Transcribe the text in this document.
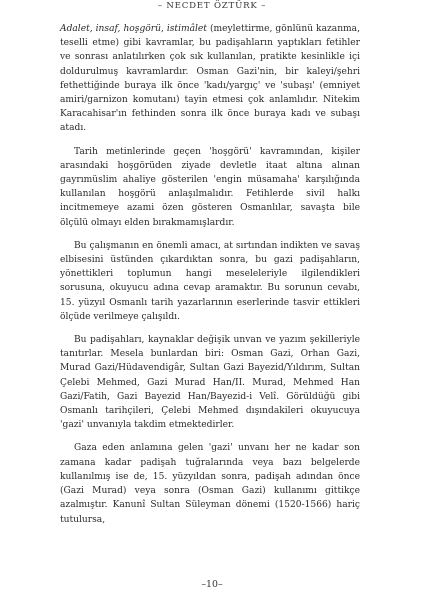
– NECDET ÖZTÜRK –

Adalet, insaf, hoşgörü, istimâlet (meylettirme, gönlünü kazanma, teselli etme) gibi kavramlar, bu padişahların yaptıkları fetihler ve sonrası anlatılırken çok sık kullanılan, pratikte kesinlikle içi doldurulmuş kavramlardır. Osman Gazi'nin, bir kaleyi/şehri fethettiğinde buraya ilk önce 'kadı/yargıç' ve 'subaşı' (emniyet amiri/garnizon komutanı) tayin etmesi çok anlamlıdır. Nitekim Karacahisar'ın fethinden sonra ilk önce buraya kadı ve subaşı atadı.

Tarih metinlerinde geçen 'hoşgörü' kavramından, kişiler arasındaki hoşgörüden ziyade devletle itaat altına alınan gayrımüslim ahaliye gösterilen 'engin müsamaha' karşılığında kullanılan hoşgörü anlaşılmalıdır. Fetihlerde sivil halkı incitmemeye azami özen gösteren Osmanlılar, savaşta bile ölçülü olmayı elden bırakmamışlardır.

Bu çalışmanın en önemli amacı, at sırtından indikten ve savaş elbisesini üstünden çıkardıktan sonra, bu gazi padişahların, yönettikleri toplumun hangi meseleleriyle ilgilendikleri sorusuna, okuyucu adına cevap aramaktır. Bu sorunun cevabı, 15. yüzyıl Osmanlı tarih yazarlarının eserlerinde tasvir ettikleri ölçüde verilmeye çalışıldı.

Bu padişahları, kaynaklar değişik unvan ve yazım şekilleriyle tanıtırlar. Mesela bunlardan biri: Osman Gazi, Orhan Gazi, Murad Gazi/Hüdavendigâr, Sultan Gazi Bayezid/Yıldırım, Sultan Çelebi Mehmed, Gazi Murad Han/II. Murad, Mehmed Han Gazi/Fatih, Gazi Bayezid Han/Bayezid-i Velî. Görüldüğü gibi Osmanlı tarihçileri, Çelebi Mehmed dışındakileri okuyucuya 'gazi' unvanıyla takdim etmektedirler.

Gaza eden anlamına gelen 'gazi' unvanı her ne kadar son zamana kadar padişah tuğralarında veya bazı belgelerde kullanılmış ise de, 15. yüzyıldan sonra, padişah adından önce (Gazi Murad) veya sonra (Osman Gazi) kullanımı gittikçe azalmıştır. Kanunî Sultan Süleyman dönemi (1520-1566) hariç tutulursa,

–10–
